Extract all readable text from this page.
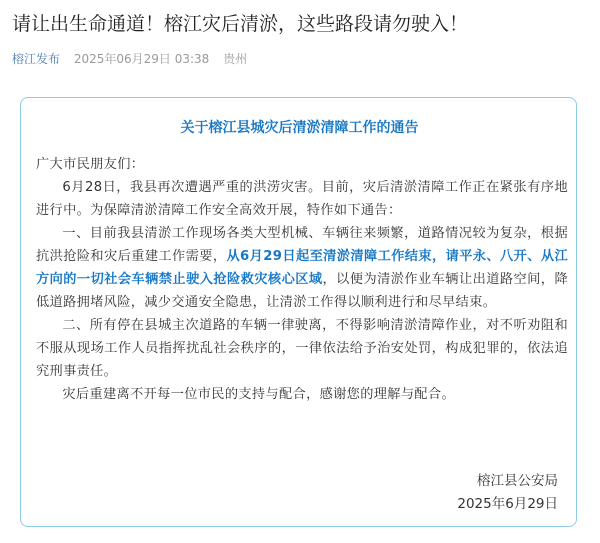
请让出生命通道！榕江灾后清淤，这些路段请勿驶入！
榕江发布 2025年06月29日 03:38 贵州
关于榕江县城灾后清淤清障工作的通告

广大市民朋友们：

6月28日，我县再次遭遇严重的洪涝灾害。目前，灾后清淤清障工作正在紧张有序地进行中。为保障清淤清障工作安全高效开展，特作如下通告：

一、目前我县清淤工作现场各类大型机械、车辆往来频繁，道路情况较为复杂，根据抗洪抢险和灾后重建工作需要，从6月29日起至清淤清障工作结束，请平永、八开、从江方向的一切社会车辆禁止驶入抢险救灾核心区域，以便为清淤作业车辆让出道路空间，降低道路拥堵风险，减少交通安全隐患，让清淤工作得以顺利进行和尽早结束。

二、所有停在县城主次道路的车辆一律驶离，不得影响清淤清障作业，对不听劝阻和不服从现场工作人员指挥扰乱社会秩序的，一律依法给予治安处罚，构成犯罪的，依法追究刑事责任。

灾后重建离不开每一位市民的支持与配合，感谢您的理解与配合。

榕江县公安局
2025年6月29日
